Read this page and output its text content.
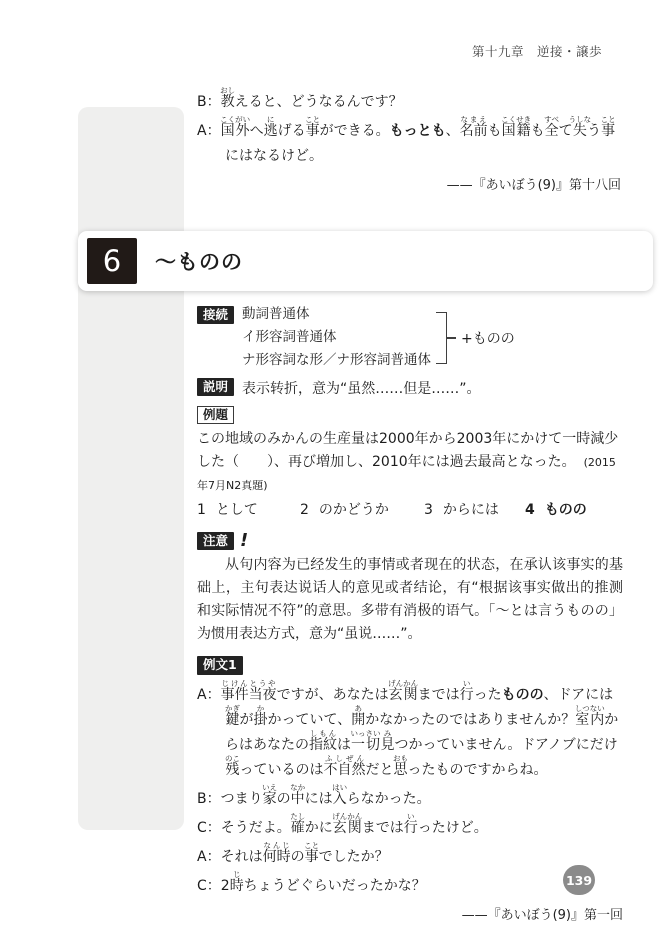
第十九章　逆接・譲歩
B：教おしえると、どうなるんです？
A：国外こくがいへ逃にげる事ことができる。もっとも、名前なまえも国籍こくせきも全すべて失うしなう事ことにはなるけど。
——『あいぼう(9)』第十八回
6	～ものの
接続	動詞普通体
イ形容詞普通体
ナ形容詞な形／ナ形容詞普通体
+ものの
説明	表示转折，意为“虽然……但是……”。
例題
この地域のみかんの生産量は2000年から2003年にかけて一時減少した（　　）、再び増加し、2010年には過去最高となった。 (2015年7月N2真題)
1 として	2 のかどうか	3 からには	4 ものの
注意 !
从句内容为已经发生的事情或者现在的状态，在承认该事实的基础上，主句表达说话人的意见或者结论，有“根据该事实做出的推测和实际情况不符”的意思。多带有消极的语气。「～とは言うものの」为惯用表达方式，意为“虽说……”。
例文1
A：事件当夜じけんとうやですが、あなたは玄関げんかんまでは行いったものの、ドアには鍵かぎが掛かかっていて、開あかなかったのではありませんか？室内しつないからはあなたの指紋しもんは一切いっさい見みつかっていません。ドアノブにだけ残のこっているのは不自然ふしぜんだと思おもったものですからね。
B：つまり家いえの中なかには入はいらなかった。
C：そうだよ。確たしかに玄関げんかんまでは行いったけど。
A：それは何時なんじの事ことでしたか？
C：2時じちょうどぐらいだったかな？
——『あいぼう(9)』第一回
139
